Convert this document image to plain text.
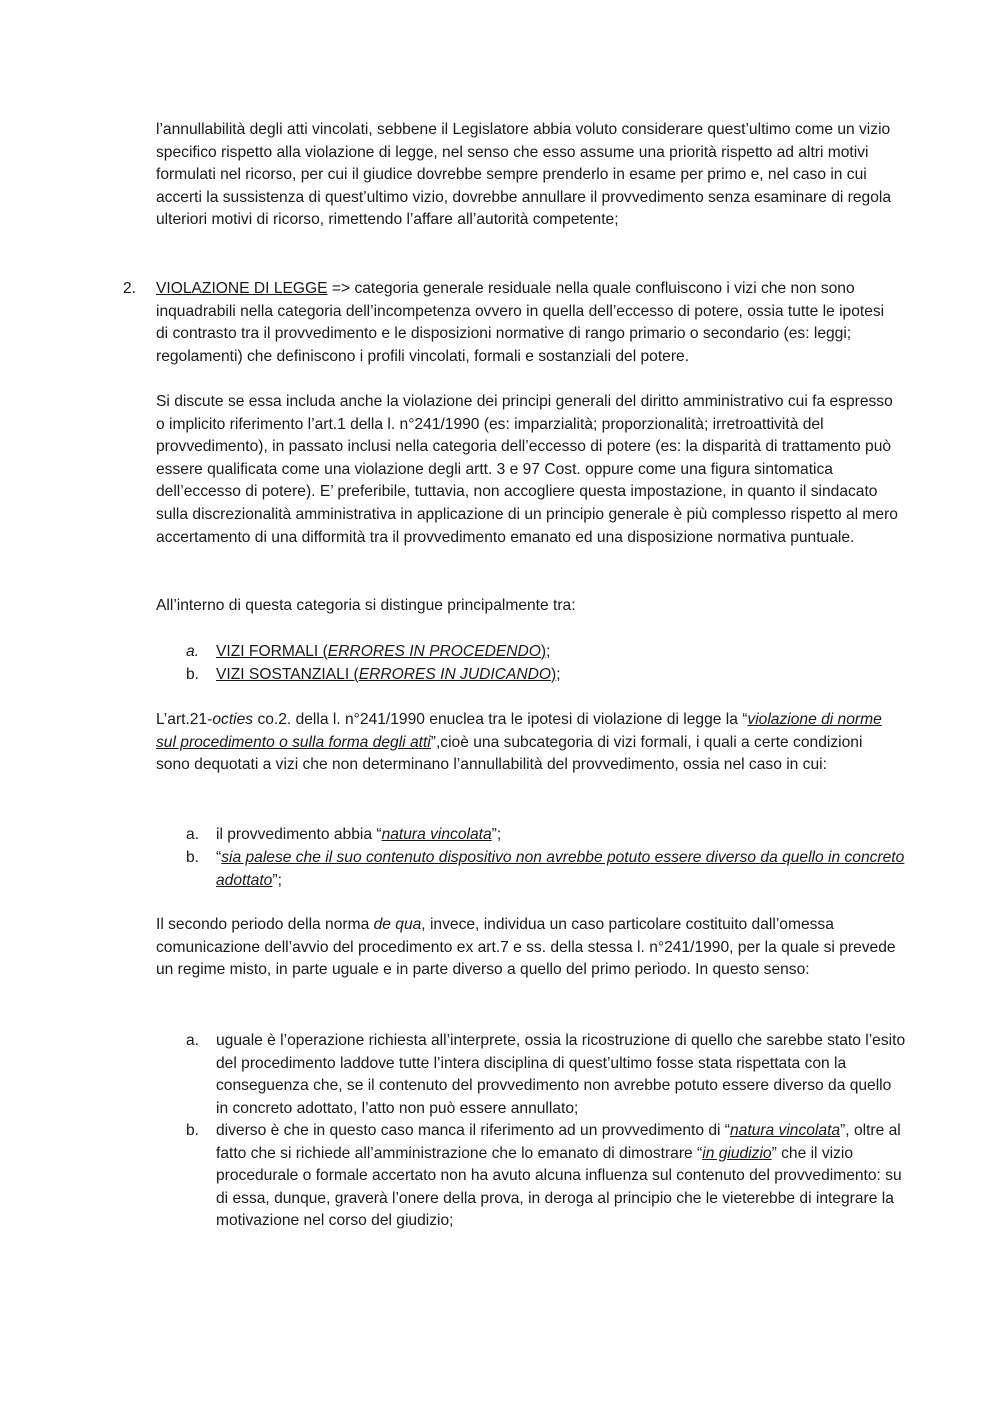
l’annullabilità degli atti vincolati, sebbene il Legislatore abbia voluto considerare quest’ultimo come un vizio specifico rispetto alla violazione di legge, nel senso che esso assume una priorità rispetto ad altri motivi formulati nel ricorso, per cui il giudice dovrebbe sempre prenderlo in esame per primo e, nel caso in cui accerti la sussistenza di quest’ultimo vizio, dovrebbe annullare il provvedimento senza esaminare di regola ulteriori motivi di ricorso, rimettendo l’affare all’autorità competente;

2. VIOLAZIONE DI LEGGE => categoria generale residuale nella quale confluiscono i vizi che non sono inquadrabili nella categoria dell’incompetenza ovvero in quella dell’eccesso di potere, ossia tutte le ipotesi di contrasto tra il provvedimento e le disposizioni normative di rango primario o secondario (es: leggi; regolamenti) che definiscono i profili vincolati, formali e sostanziali del potere.

Si discute se essa includa anche la violazione dei principi generali del diritto amministrativo cui fa espresso o implicito riferimento l’art.1 della l. n°241/1990 (es: imparzialità; proporzionalità; irretroattività del provvedimento), in passato inclusi nella categoria dell’eccesso di potere (es: la disparità di trattamento può essere qualificata come una violazione degli artt. 3 e 97 Cost. oppure come una figura sintomatica dell’eccesso di potere). E’ preferibile, tuttavia, non accogliere questa impostazione, in quanto il sindacato sulla discrezionalità amministrativa in applicazione di un principio generale è più complesso rispetto al mero accertamento di una difformità tra il provvedimento emanato ed una disposizione normativa puntuale.

All’interno di questa categoria si distingue principalmente tra:

a. VIZI FORMALI (ERRORES IN PROCEDENDO);

b. VIZI SOSTANZIALI (ERRORES IN JUDICANDO);

L’art.21-octies co.2. della l. n°241/1990 enuclea tra le ipotesi di violazione di legge la “violazione di norme sul procedimento o sulla forma degli atti”,cioè una subcategoria di vizi formali, i quali a certe condizioni sono dequotati a vizi che non determinano l’annullabilità del provvedimento, ossia nel caso in cui:

a. il provvedimento abbia “natura vincolata”;

b. “sia palese che il suo contenuto dispositivo non avrebbe potuto essere diverso da quello in concreto adottato”;

Il secondo periodo della norma de qua, invece, individua un caso particolare costituito dall’omessa comunicazione dell’avvio del procedimento ex art.7 e ss. della stessa l. n°241/1990, per la quale si prevede un regime misto, in parte uguale e in parte diverso a quello del primo periodo. In questo senso:

a. uguale è l’operazione richiesta all’interprete, ossia la ricostruzione di quello che sarebbe stato l’esito del procedimento laddove tutte l’intera disciplina di quest’ultimo fosse stata rispettata con la conseguenza che, se il contenuto del provvedimento non avrebbe potuto essere diverso da quello in concreto adottato, l’atto non può essere annullato;

b. diverso è che in questo caso manca il riferimento ad un provvedimento di “natura vincolata”, oltre al fatto che si richiede all’amministrazione che lo emanato di dimostrare “in giudizio” che il vizio procedurale o formale accertato non ha avuto alcuna influenza sul contenuto del provvedimento: su di essa, dunque, graverà l’onere della prova, in deroga al principio che le vieterebbe di integrare la motivazione nel corso del giudizio;
